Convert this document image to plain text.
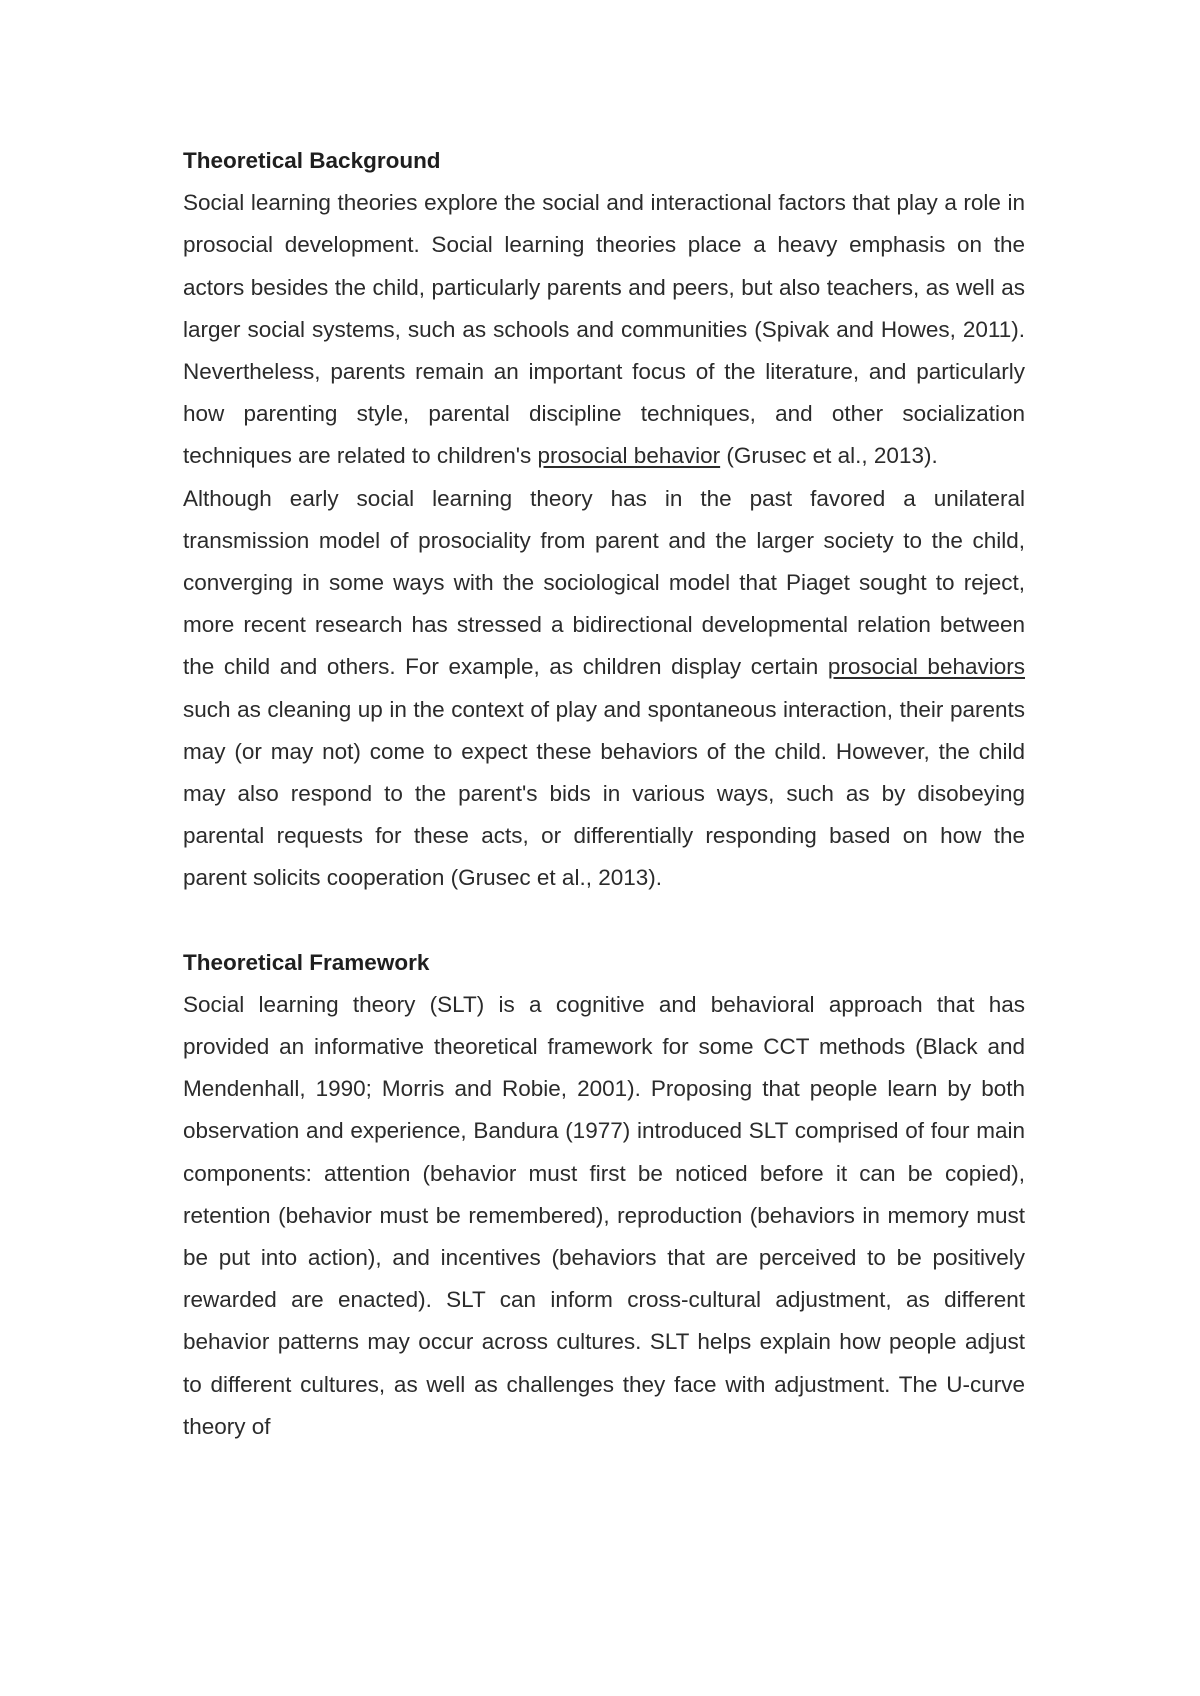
Theoretical Background

Social learning theories explore the social and interactional factors that play a role in prosocial development. Social learning theories place a heavy emphasis on the actors besides the child, particularly parents and peers, but also teachers, as well as larger social systems, such as schools and communities (Spivak and Howes, 2011). Nevertheless, parents remain an important focus of the literature, and particularly how parenting style, parental discipline techniques, and other socialization techniques are related to children's prosocial behavior (Grusec et al., 2013).

Although early social learning theory has in the past favored a unilateral transmission model of prosociality from parent and the larger society to the child, converging in some ways with the sociological model that Piaget sought to reject, more recent research has stressed a bidirectional developmental relation between the child and others. For example, as children display certain prosocial behaviors such as cleaning up in the context of play and spontaneous interaction, their parents may (or may not) come to expect these behaviors of the child. However, the child may also respond to the parent's bids in various ways, such as by disobeying parental requests for these acts, or differentially responding based on how the parent solicits cooperation (Grusec et al., 2013).

Theoretical Framework

Social learning theory (SLT) is a cognitive and behavioral approach that has provided an informative theoretical framework for some CCT methods (Black and Mendenhall, 1990; Morris and Robie, 2001). Proposing that people learn by both observation and experience, Bandura (1977) introduced SLT comprised of four main components: attention (behavior must first be noticed before it can be copied), retention (behavior must be remembered), reproduction (behaviors in memory must be put into action), and incentives (behaviors that are perceived to be positively rewarded are enacted). SLT can inform cross-cultural adjustment, as different behavior patterns may occur across cultures. SLT helps explain how people adjust to different cultures, as well as challenges they face with adjustment. The U-curve theory of
